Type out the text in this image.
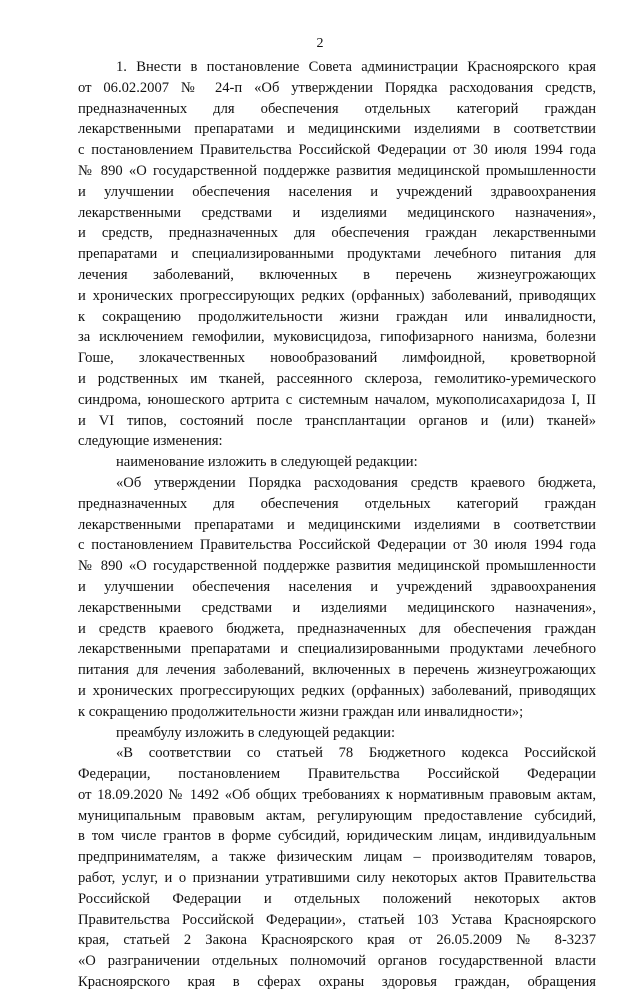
2
1. Внести в постановление Совета администрации Красноярского края
от 06.02.2007 № 24-п «Об утверждении Порядка расходования средств,
предназначенных для обеспечения отдельных категорий граждан
лекарственными препаратами и медицинскими изделиями в соответствии
с постановлением Правительства Российской Федерации от 30 июля 1994 года
№ 890 «О государственной поддержке развития медицинской промышленности
и улучшении обеспечения населения и учреждений здравоохранения
лекарственными средствами и изделиями медицинского назначения»,
и средств, предназначенных для обеспечения граждан лекарственными
препаратами и специализированными продуктами лечебного питания для
лечения заболеваний, включенных в перечень жизнеугрожающих
и хронических прогрессирующих редких (орфанных) заболеваний, приводящих
к сокращению продолжительности жизни граждан или инвалидности,
за исключением гемофилии, муковисцидоза, гипофизарного нанизма, болезни
Гоше, злокачественных новообразований лимфоидной, кроветворной
и родственных им тканей, рассеянного склероза, гемолитико-уремического
синдрома, юношеского артрита с системным началом, мукополисахаридоза I, II
и VI типов, состояний после трансплантации органов и (или) тканей»
следующие изменения:
наименование изложить в следующей редакции:
«Об утверждении Порядка расходования средств краевого бюджета,
предназначенных для обеспечения отдельных категорий граждан
лекарственными препаратами и медицинскими изделиями в соответствии
с постановлением Правительства Российской Федерации от 30 июля 1994 года
№ 890 «О государственной поддержке развития медицинской промышленности
и улучшении обеспечения населения и учреждений здравоохранения
лекарственными средствами и изделиями медицинского назначения»,
и средств краевого бюджета, предназначенных для обеспечения граждан
лекарственными препаратами и специализированными продуктами лечебного
питания для лечения заболеваний, включенных в перечень жизнеугрожающих
и хронических прогрессирующих редких (орфанных) заболеваний, приводящих
к сокращению продолжительности жизни граждан или инвалидности»;
преамбулу изложить в следующей редакции:
«В соответствии со статьей 78 Бюджетного кодекса Российской
Федерации, постановлением Правительства Российской Федерации
от 18.09.2020 № 1492 «Об общих требованиях к нормативным правовым актам,
муниципальным правовым актам, регулирующим предоставление субсидий,
в том числе грантов в форме субсидий, юридическим лицам, индивидуальным
предпринимателям, а также физическим лицам – производителям товаров,
работ, услуг, и о признании утратившими силу некоторых актов Правительства
Российской Федерации и отдельных положений некоторых актов
Правительства Российской Федерации», статьей 103 Устава Красноярского
края, статьей 2 Закона Красноярского края от 26.05.2009 № 8-3237
«О разграничении отдельных полномочий органов государственной власти
Красноярского края в сферах охраны здоровья граждан, обращения
